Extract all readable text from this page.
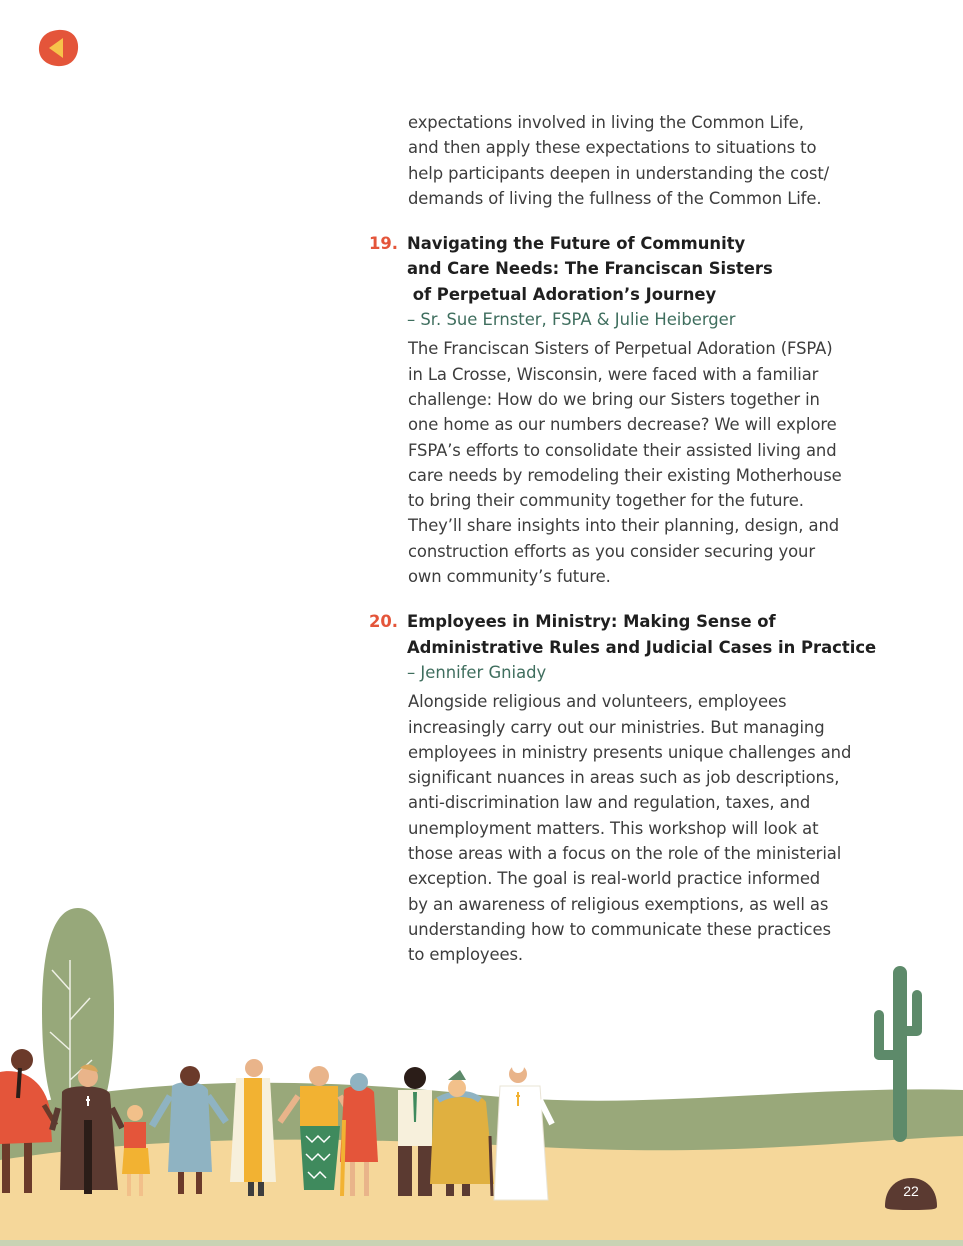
expectations involved in living the Common Life,
and then apply these expectations to situations to
help participants deepen in understanding the cost/
demands of living the fullness of the Common Life.
19. Navigating the Future of Community
and Care Needs: The Franciscan Sisters
of Perpetual Adoration’s Journey
– Sr. Sue Ernster, FSPA & Julie Heiberger
The Franciscan Sisters of Perpetual Adoration (FSPA)
in La Crosse, Wisconsin, were faced with a familiar
challenge: How do we bring our Sisters together in
one home as our numbers decrease? We will explore
FSPA’s efforts to consolidate their assisted living and
care needs by remodeling their existing Motherhouse
to bring their community together for the future.
They’ll share insights into their planning, design, and
construction efforts as you consider securing your
own community’s future.
20. Employees in Ministry: Making Sense of
Administrative Rules and Judicial Cases in Practice
– Jennifer Gniady
Alongside religious and volunteers, employees
increasingly carry out our ministries. But managing
employees in ministry presents unique challenges and
significant nuances in areas such as job descriptions,
anti-discrimination law and regulation, taxes, and
unemployment matters. This workshop will look at
those areas with a focus on the role of the ministerial
exception. The goal is real-world practice informed
by an awareness of religious exemptions, as well as
understanding how to communicate these practices
to employees.
22
